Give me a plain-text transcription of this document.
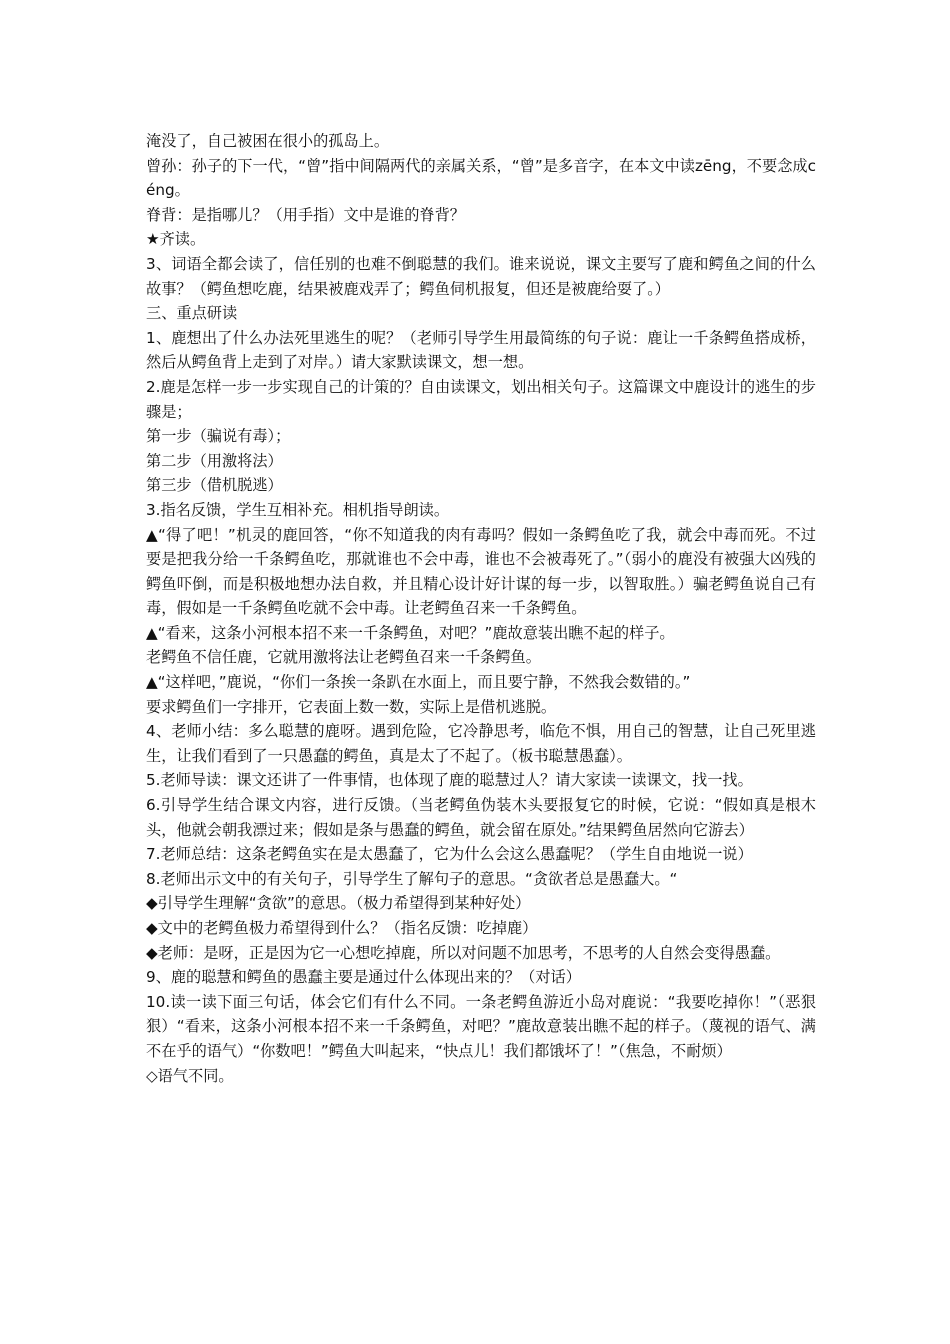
淹没了，自己被困在很小的孤岛上。

曾孙：孙子的下一代，“曾”指中间隔两代的亲属关系，“曾”是多音字，在本文中读zēng，不要念成céng。

脊背：是指哪儿？（用手指）文中是谁的脊背？

★齐读。

3、词语全都会读了，信任别的也难不倒聪慧的我们。谁来说说，课文主要写了鹿和鳄鱼之间的什么故事？（鳄鱼想吃鹿，结果被鹿戏弄了；鳄鱼伺机报复，但还是被鹿给耍了。）

三、重点研读

1、鹿想出了什么办法死里逃生的呢？（老师引导学生用最简练的句子说：鹿让一千条鳄鱼搭成桥，然后从鳄鱼背上走到了对岸。）请大家默读课文，想一想。

2.鹿是怎样一步一步实现自己的计策的？自由读课文，划出相关句子。这篇课文中鹿设计的逃生的步骤是；

第一步（骗说有毒）；

第二步（用激将法）

第三步（借机脱逃）

3.指名反馈，学生互相补充。相机指导朗读。

▲“得了吧！”机灵的鹿回答，“你不知道我的肉有毒吗？假如一条鳄鱼吃了我，就会中毒而死。不过要是把我分给一千条鳄鱼吃，那就谁也不会中毒，谁也不会被毒死了。”（弱小的鹿没有被强大凶残的鳄鱼吓倒，而是积极地想办法自救，并且精心设计好计谋的每一步，以智取胜。）骗老鳄鱼说自己有毒，假如是一千条鳄鱼吃就不会中毒。让老鳄鱼召来一千条鳄鱼。

▲“看来，这条小河根本招不来一千条鳄鱼，对吧？”鹿故意装出瞧不起的样子。

老鳄鱼不信任鹿，它就用激将法让老鳄鱼召来一千条鳄鱼。

▲“这样吧，”鹿说，“你们一条挨一条趴在水面上，而且要宁静，不然我会数错的。”

要求鳄鱼们一字排开，它表面上数一数，实际上是借机逃脱。

4、老师小结：多么聪慧的鹿呀。遇到危险，它冷静思考，临危不惧，用自己的智慧，让自己死里逃生，让我们看到了一只愚蠢的鳄鱼，真是太了不起了。（板书聪慧愚蠢）。

5.老师导读：课文还讲了一件事情，也体现了鹿的聪慧过人？请大家读一读课文，找一找。

6.引导学生结合课文内容，进行反馈。（当老鳄鱼伪装木头要报复它的时候，它说：“假如真是根木头，他就会朝我漂过来；假如是条与愚蠢的鳄鱼，就会留在原处。”结果鳄鱼居然向它游去）

7.老师总结：这条老鳄鱼实在是太愚蠢了，它为什么会这么愚蠢呢？（学生自由地说一说）

8.老师出示文中的有关句子，引导学生了解句子的意思。“贪欲者总是愚蠢大。“

◆引导学生理解“贪欲”的意思。（极力希望得到某种好处）

◆文中的老鳄鱼极力希望得到什么？（指名反馈：吃掉鹿）

◆老师：是呀，正是因为它一心想吃掉鹿，所以对问题不加思考，不思考的人自然会变得愚蠢。

9、鹿的聪慧和鳄鱼的愚蠢主要是通过什么体现出来的？（对话）

10.读一读下面三句话，体会它们有什么不同。一条老鳄鱼游近小岛对鹿说：“我要吃掉你！”（恶狠狠）“看来，这条小河根本招不来一千条鳄鱼，对吧？”鹿故意装出瞧不起的样子。（蔑视的语气、满不在乎的语气）“你数吧！”鳄鱼大叫起来，“快点儿！我们都饿坏了！”（焦急，不耐烦）

◇语气不同。
